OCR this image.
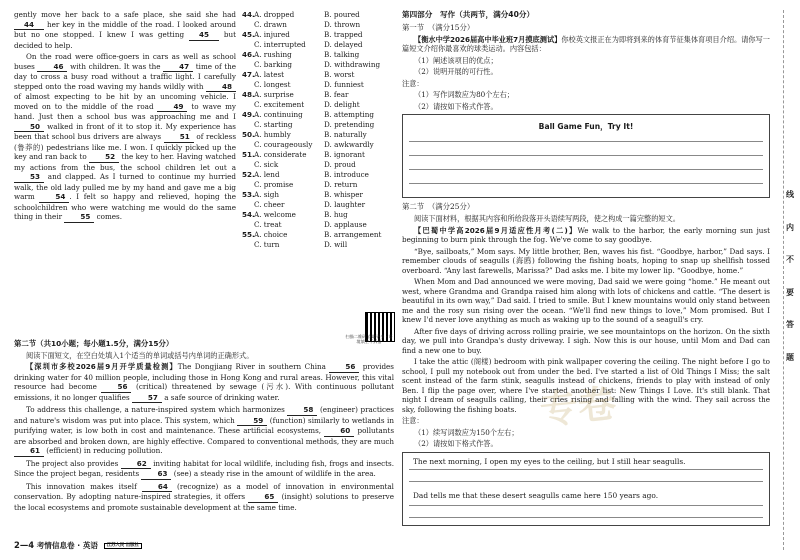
gently move her back to a safe place, she said she had 44 her key in the middle of the road. I looked around but no one stopped. I knew I was getting 45 but decided to help.

On the road were office-goers in cars as well as school buses 46 with children. It was the 47 time of the day to cross a busy road without a traffic light. I carefully stepped onto the road waving my hands wildly with 48 of almost expecting to be hit by an uncoming vehicle. I moved on to the middle of the road 49 to wave my hand. Just then a school bus was approaching me and I 50 walked in front of it to stop it. My experience has been that school bus drivers are always 51 of reckless (鲁莽的) pedestrians like me. I won. I quickly picked up the key and ran back to 52 the key to her. Having watched my actions from the bus, the school children let out a 53 and clapped. As I turned to continue my hurried walk, the old lady pulled me by my hand and gave me a big warm 54 . I felt so happy and relieved, hoping the schoolchildren who were watching me would do the same thing in their 55 comes.

44. A. dropped	B. poured
C. drawn	D. thrown
45. A. injured	B. trapped
C. interrupted	D. delayed
46. A. rushing	B. talking
C. barking	D. withdrawing
47. A. latest	B. worst
C. longest	D. funniest
48. A. surprise	B. fear
C. excitement	D. delight
49. A. continuing	B. attempting
C. starting	D. pretending
50. A. humbly	B. naturally
C. courageously	D. awkwardly
51. A. considerate	B. ignorant
C. sick	D. proud
52. A. lend	B. introduce
C. promise	D. return
53. A. sigh	B. whisper
C. cheer	D. laughter
54. A. welcome	B. hug
C. treat	D. applause
55. A. choice	B. arrangement
C. turn	D. will
扫描二维码 获取更多 · 语境填空不拆搭
第二节（共10小题；每小题1.5分，满分15分）

阅读下面短文，在空白处填入1个适当的单词或括号内单词的正确形式。

【深圳市多校2026届9月开学质量检测】The Dongjiang River in southern China 56 provides drinking water for 40 million people, including those in Hong Kong and rural areas. However, this vital resource had become 56 (critical) threatened by sewage (污水). With continuous pollutant emissions, it no longer qualifies 57 a safe source of drinking water.

To address this challenge, a nature-inspired system which harmonizes 58 (engineer) practices and nature's wisdom was put into place. This system, which 59 (function) similarly to wetlands in purifying water, is low both in cost and maintenance. These artificial ecosystems, 60 pollutants are absorbed and broken down, are highly effective. Compared to conventional methods, they are much 61 (efficient) in reducing pollution.

The project also provides 62 inviting habitat for local wildlife, including fish, frogs and insects. Since the project began, residents 63 (see) a steady rise in the amount of wildlife in the area.

This innovation makes itself 64 (recognize) as a model of innovation in environmental conservation. By adopting nature-inspired strategies, it offers 65 (insight) solutions to preserve the local ecosystems and promote sustainable development at the same time.

第四部分　写作（共两节，满分40分）
第一节　（满分15分）

【衡水中学2026届高中毕业班7月摸底测试】你校英文报正在为即将到来的体育节征集体育项目介绍。请你写一篇短文介绍你最喜欢的球类运动。内容包括：

（1）阐述该项目的优点；

（2）说明开展的可行性。

注意：

（1）写作词数应为80个左右；

（2）请按如下格式作答。

Ball Game Fun，Try It!
第二节　（满分25分）

阅读下面材料，根据其内容和所给段落开头语续写两段，使之构成一篇完整的短文。

【巴蜀中学高2026届9月适应性月考(二)】We walk to the harbor, the early morning sun just beginning to burn pink through the fog. We've come to say goodbye.

“Bye, sailboats,” Mom says. My little brother, Ben, waves his fist. “Goodbye, harbor,” Dad says. I remember clouds of seagulls (海鸥) following the fishing boats, hoping to snap up shellfish tossed overboard. “Any last farewells, Marissa?” Dad asks me. I bite my lower lip. “Goodbye, home.”

When Mom and Dad announced we were moving, Dad said we were going “home.” He meant out west, where Grandma and Grandpa raised him along with lots of chickens and cattle. “The desert is beautiful in its own way,” Dad said. I tried to smile. But I knew mountains would only stand between me and the rosy sun rising over the ocean. “We'll find new things to love,” Mom promised. But I knew I'd never love anything as much as waking up to the sound of a seagull's cry.

After five days of driving across rolling prairie, we see mountaintops on the horizon. On the sixth day, we pull into Grandpa's dusty driveway. I sigh. Now this is our house, until Mom and Dad can find a new one to buy.

I take the attic (阁楼) bedroom with pink wallpaper covering the ceiling. The night before I go to school, I pull my notebook out from under the bed. I've started a list of Old Things I Miss; the salt scent instead of the farm stink, seagulls instead of chickens, friends to play with instead of only Ben. I flip the page over, where I've started another list: New Things I Love. It's still blank. That night I dream of seagulls calling, their cries rising and falling with the wind. They sail across the sky, following the fishing boats.

注意：

（1）续写词数应为150个左右；

（2）请按如下格式作答。

The next morning, I open my eyes to the ceiling, but I still hear seagulls.
Dad tells me that these desert seagulls came here 150 years ago.
专卷
线
内
不
要
答
题
2—4 考情信息卷 · 英语 江苏人民 出版社
